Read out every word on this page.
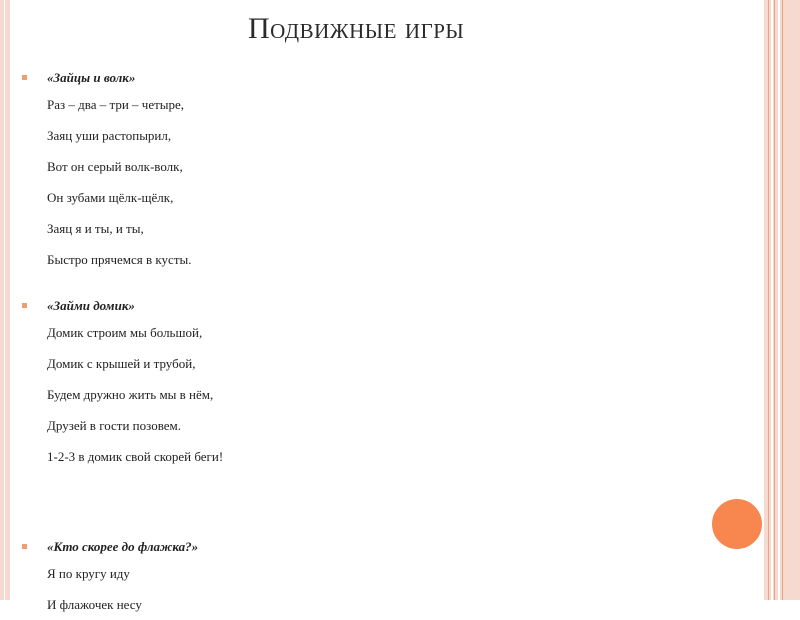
Подвижные игры
«Зайцы и волк»
Раз – два – три – четыре,
Заяц уши растопырил,
Вот он серый волк-волк,
Он зубами щёлк-щёлк,
Заяц я и ты, и ты,
Быстро прячемся в кусты.
«Займи домик»
Домик строим мы большой,
Домик с крышей и трубой,
Будем дружно жить мы в нём,
Друзей в гости позовем.
1-2-3 в домик свой скорей беги!
«Кто скорее до флажка?»
Я по кругу иду
И флажочек несу
